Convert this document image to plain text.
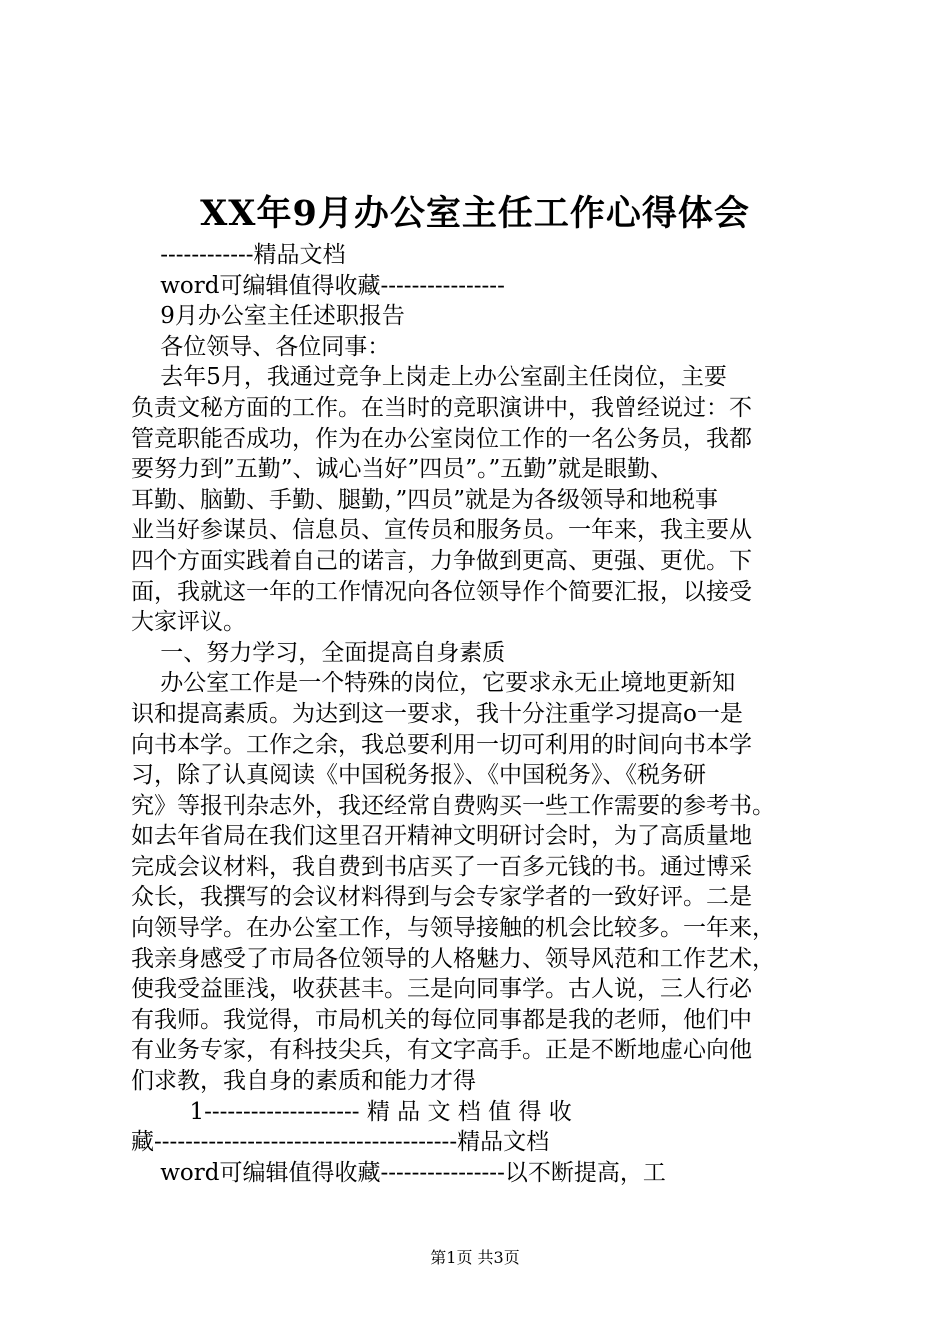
XX年9月办公室主任工作心得体会
------------精品文档
word可编辑值得收藏----------------
9月办公室主任述职报告
各位领导、各位同事：
去年5月，我通过竞争上岗走上办公室副主任岗位，主要
负责文秘方面的工作。在当时的竞职演讲中，我曾经说过：不
管竞职能否成功，作为在办公室岗位工作的一名公务员，我都
要努力到”五勤”、诚心当好”四员”。”五勤”就是眼勤、
耳勤、脑勤、手勤、腿勤，”四员”就是为各级领导和地税事
业当好参谋员、信息员、宣传员和服务员。一年来，我主要从
四个方面实践着自己的诺言，力争做到更高、更强、更优。下
面，我就这一年的工作情况向各位领导作个简要汇报，以接受
大家评议。
一、努力学习，全面提高自身素质
办公室工作是一个特殊的岗位，它要求永无止境地更新知
识和提高素质。为达到这一要求，我十分注重学习提高o一是
向书本学。工作之余，我总要利用一切可利用的时间向书本学
习，除了认真阅读《中国税务报》、《中国税务》、《税务研
究》等报刊杂志外，我还经常自费购买一些工作需要的参考书。
如去年省局在我们这里召开精神文明研讨会时，为了高质量地
完成会议材料，我自费到书店买了一百多元钱的书。通过博采
众长，我撰写的会议材料得到与会专家学者的一致好评。二是
向领导学。在办公室工作，与领导接触的机会比较多。一年来，
我亲身感受了市局各位领导的人格魅力、领导风范和工作艺术，
使我受益匪浅，收获甚丰。三是向同事学。古人说，三人行必
有我师。我觉得，市局机关的每位同事都是我的老师，他们中
有业务专家，有科技尖兵，有文字高手。正是不断地虚心向他
们求教，我自身的素质和能力才得
1-------------------- 精 品 文 档 值 得 收
藏---------------------------------------精品文档
word可编辑值得收藏----------------以不断提高，工
第1页 共3页
